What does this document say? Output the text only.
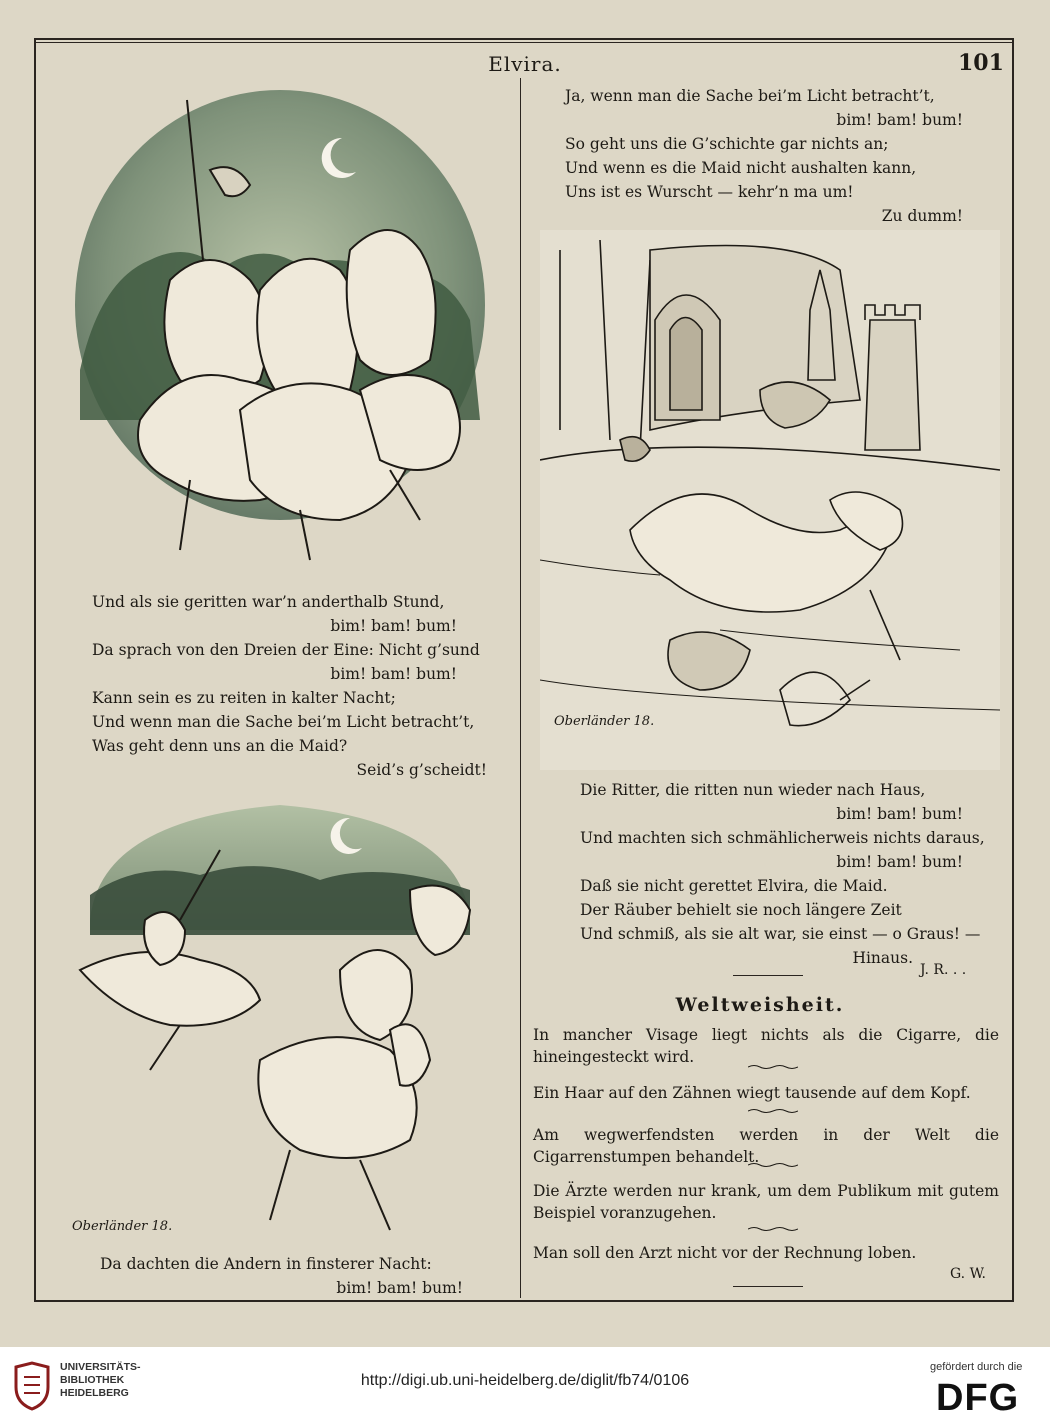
Elvira.	101
Und als sie geritten war’n anderthalb Stund,
bim! bam! bum!
Da sprach von den Dreien der Eine: Nicht g’sund
bim! bam! bum!
Kann sein es zu reiten in kalter Nacht;
Und wenn man die Sache bei’m Licht betracht’t,
Was geht denn uns an die Maid?
Seid’s g’scheidt!
Oberländer 18.
Da dachten die Andern in finsterer Nacht:
bim! bam! bum!
Ja, wenn man die Sache bei’m Licht betracht’t,
bim! bam! bum!
So geht uns die G’schichte gar nichts an;
Und wenn es die Maid nicht aushalten kann,
Uns ist es Wurscht — kehr’n ma um!
Zu dumm!
Oberländer 18.
Die Ritter, die ritten nun wieder nach Haus,
bim! bam! bum!
Und machten sich schmählicherweis nichts daraus,
bim! bam! bum!
Daß sie nicht gerettet Elvira, die Maid.
Der Räuber behielt sie noch längere Zeit
Und schmiß, als sie alt war, sie einst — o Graus! —
Hinaus.
J. R. . .
Weltweisheit.
In mancher Visage liegt nichts als die Cigarre, die hineingesteckt wird.
Ein Haar auf den Zähnen wiegt tausende auf dem Kopf.
Am wegwerfendsten werden in der Welt die Cigarrenstumpen behandelt.
Die Ärzte werden nur krank, um dem Publikum mit gutem Beispiel voranzugehen.
Man soll den Arzt nicht vor der Rechnung loben.
G. W.
UNIVERSITÄTS-
BIBLIOTHEK
HEIDELBERG
http://digi.ub.uni-heidelberg.de/diglit/fb74/0106
gefördert durch die
DFG
